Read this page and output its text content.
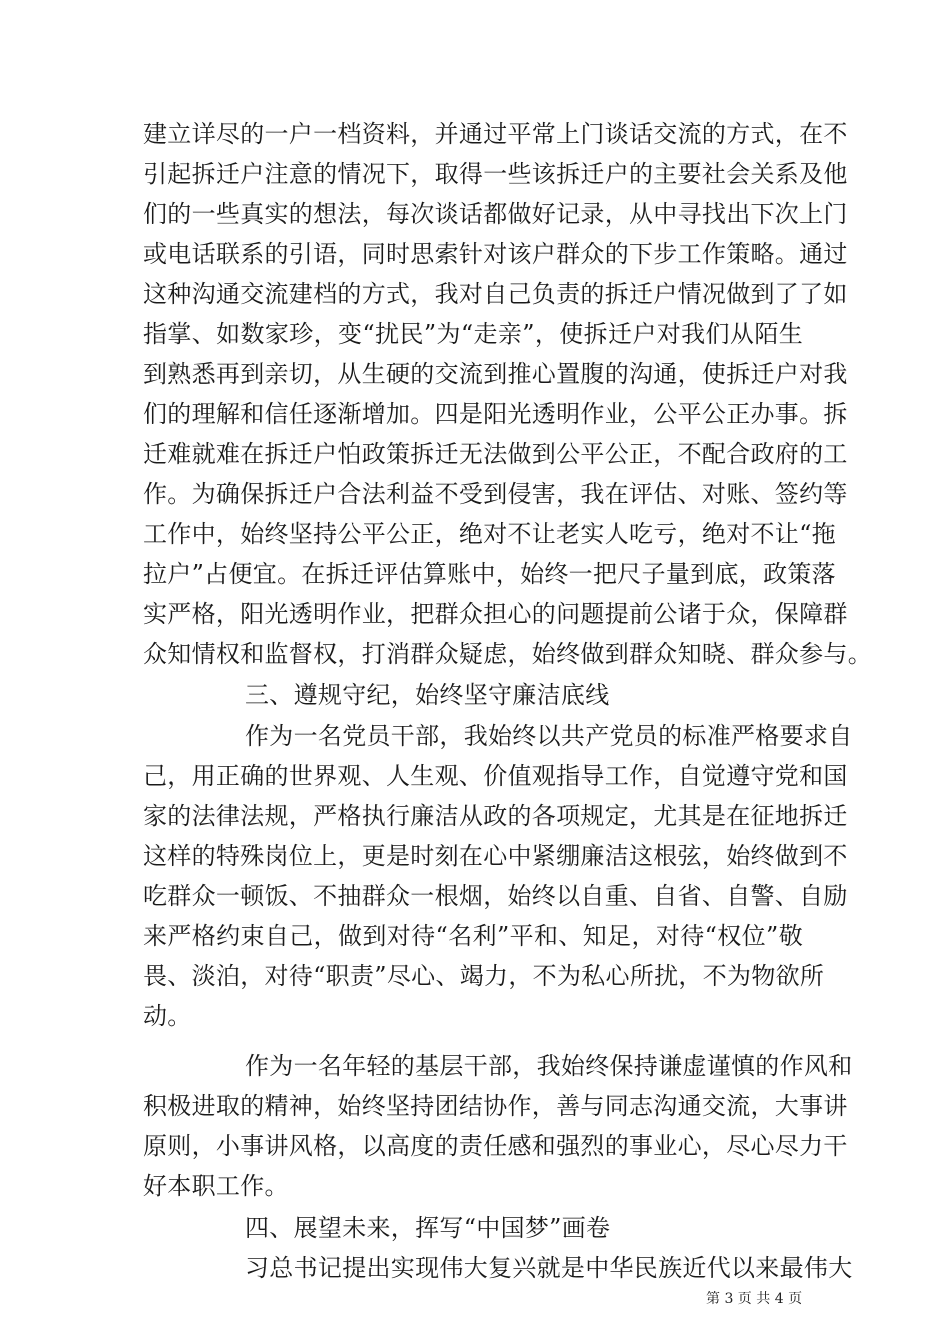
建立详尽的一户一档资料，并通过平常上门谈话交流的方式，在不
引起拆迁户注意的情况下，取得一些该拆迁户的主要社会关系及他
们的一些真实的想法，每次谈话都做好记录，从中寻找出下次上门
或电话联系的引语，同时思索针对该户群众的下步工作策略。通过
这种沟通交流建档的方式，我对自己负责的拆迁户情况做到了了如
指掌、如数家珍，变“扰民”为“走亲”，使拆迁户对我们从陌生
到熟悉再到亲切，从生硬的交流到推心置腹的沟通，使拆迁户对我
们的理解和信任逐渐增加。四是阳光透明作业，公平公正办事。拆
迁难就难在拆迁户怕政策拆迁无法做到公平公正，不配合政府的工
作。为确保拆迁户合法利益不受到侵害，我在评估、对账、签约等
工作中，始终坚持公平公正，绝对不让老实人吃亏，绝对不让“拖
拉户”占便宜。在拆迁评估算账中，始终一把尺子量到底，政策落
实严格，阳光透明作业，把群众担心的问题提前公诸于众，保障群
众知情权和监督权，打消群众疑虑，始终做到群众知晓、群众参与。
三、遵规守纪，始终坚守廉洁底线
作为一名党员干部，我始终以共产党员的标准严格要求自
己，用正确的世界观、人生观、价值观指导工作，自觉遵守党和国
家的法律法规，严格执行廉洁从政的各项规定，尤其是在征地拆迁
这样的特殊岗位上，更是时刻在心中紧绷廉洁这根弦，始终做到不
吃群众一顿饭、不抽群众一根烟，始终以自重、自省、自警、自励
来严格约束自己，做到对待“名利”平和、知足，对待“权位”敬
畏、淡泊，对待“职责”尽心、竭力，不为私心所扰，不为物欲所
动。
作为一名年轻的基层干部，我始终保持谦虚谨慎的作风和
积极进取的精神，始终坚持团结协作，善与同志沟通交流，大事讲
原则，小事讲风格，以高度的责任感和强烈的事业心，尽心尽力干
好本职工作。
四、展望未来，挥写“中国梦”画卷
习总书记提出实现伟大复兴就是中华民族近代以来最伟大
第 3 页 共 4 页
